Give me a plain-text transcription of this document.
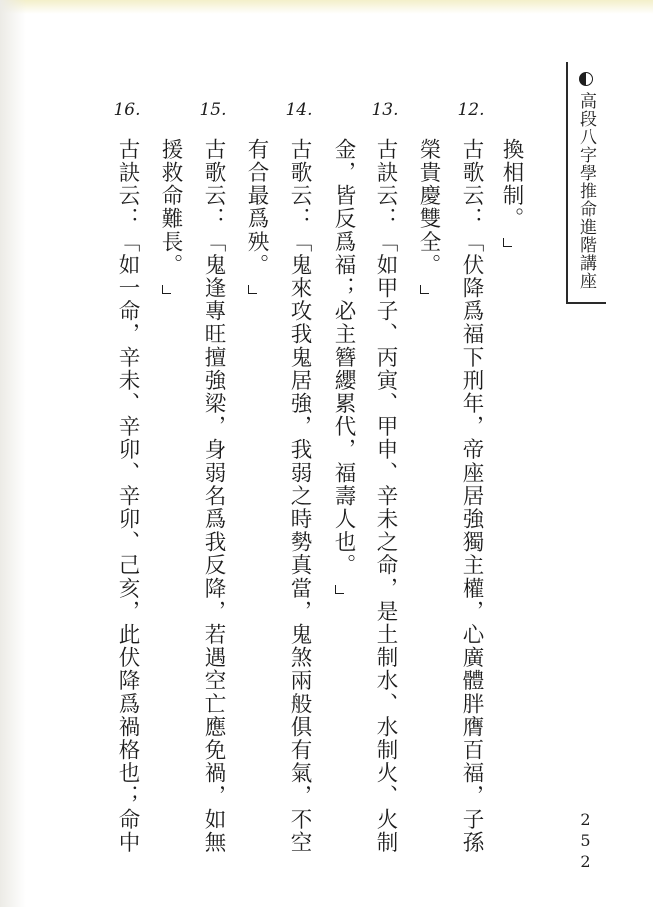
高段八字學推命進階講座
252
換相制。
12.
古歌云：「伏降爲福下刑年，帝座居強獨主權，心廣體胖膺百福，子孫
榮貴慶雙全。
13.
古訣云：「如甲子、丙寅、甲申、辛未之命，是土制水、水制火、火制
金，皆反爲福；必主簪纓累代，福壽人也。
14.
古歌云：「鬼來攻我鬼居強，我弱之時勢真當，鬼煞兩般俱有氣，不空
有合最爲殃。
15.
古歌云：「鬼逢專旺擅強梁，身弱名爲我反降，若遇空亡應免禍，如無
援救命難長。
16.
古訣云：「如一命，辛未、辛卯、辛卯、己亥，此伏降爲禍格也；命中
